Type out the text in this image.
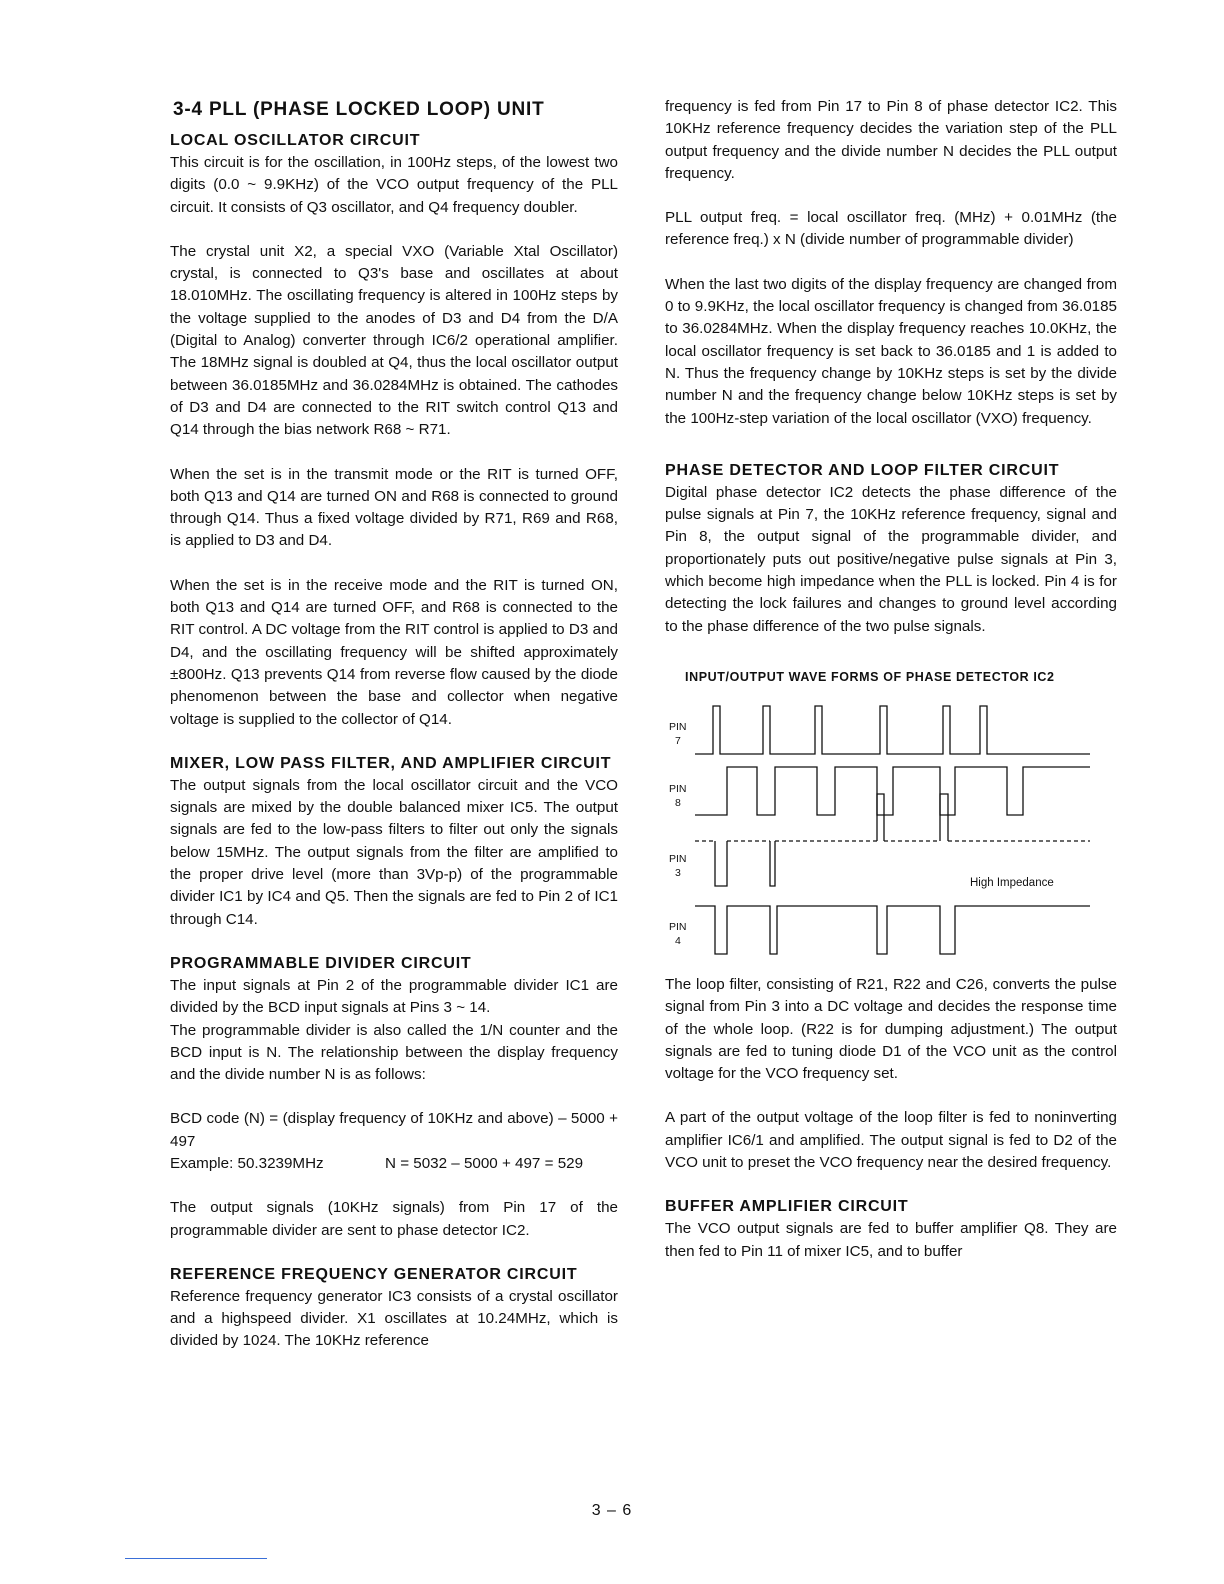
3-4 PLL (PHASE LOCKED LOOP) UNIT
LOCAL OSCILLATOR CIRCUIT

This circuit is for the oscillation, in 100Hz steps, of the lowest two digits (0.0 ~ 9.9KHz) of the VCO output frequency of the PLL circuit. It consists of Q3 oscillator, and Q4 frequency doubler.

The crystal unit X2, a special VXO (Variable Xtal Oscillator) crystal, is connected to Q3's base and oscillates at about 18.010MHz. The oscillating frequency is altered in 100Hz steps by the voltage supplied to the anodes of D3 and D4 from the D/A (Digital to Analog) converter through IC6/2 operational amplifier. The 18MHz signal is doubled at Q4, thus the local oscillator output between 36.0185MHz and 36.0284MHz is obtained. The cathodes of D3 and D4 are connected to the RIT switch control Q13 and Q14 through the bias network R68 ~ R71.

When the set is in the transmit mode or the RIT is turned OFF, both Q13 and Q14 are turned ON and R68 is connected to ground through Q14. Thus a fixed voltage divided by R71, R69 and R68, is applied to D3 and D4.

When the set is in the receive mode and the RIT is turned ON, both Q13 and Q14 are turned OFF, and R68 is connected to the RIT control. A DC voltage from the RIT control is applied to D3 and D4, and the oscillating frequency will be shifted approximately ±800Hz. Q13 prevents Q14 from reverse flow caused by the diode phenomenon between the base and collector when negative voltage is supplied to the collector of Q14.

MIXER, LOW PASS FILTER, AND AMPLIFIER CIRCUIT

The output signals from the local oscillator circuit and the VCO signals are mixed by the double balanced mixer IC5. The output signals are fed to the low-pass filters to filter out only the signals below 15MHz. The output signals from the filter are amplified to the proper drive level (more than 3Vp-p) of the programmable divider IC1 by IC4 and Q5. Then the signals are fed to Pin 2 of IC1 through C14.

PROGRAMMABLE DIVIDER CIRCUIT

The input signals at Pin 2 of the programmable divider IC1 are divided by the BCD input signals at Pins 3 ~ 14.

The programmable divider is also called the 1/N counter and the BCD input is N. The relationship between the display frequency and the divide number N is as follows:

BCD code (N) = (display frequency of 10KHz and above) – 5000 + 497

Example: 50.3239MHz	N = 5032 – 5000 + 497 = 529

The output signals (10KHz signals) from Pin 17 of the programmable divider are sent to phase detector IC2.

REFERENCE FREQUENCY GENERATOR CIRCUIT

Reference frequency generator IC3 consists of a crystal oscillator and a highspeed divider. X1 oscillates at 10.24MHz, which is divided by 1024. The 10KHz reference

frequency is fed from Pin 17 to Pin 8 of phase detector IC2. This 10KHz reference frequency decides the variation step of the PLL output frequency and the divide number N decides the PLL output frequency.

PLL output freq. = local oscillator freq. (MHz) + 0.01MHz (the reference freq.) x N (divide number of programmable divider)

When the last two digits of the display frequency are changed from 0 to 9.9KHz, the local oscillator frequency is changed from 36.0185 to 36.0284MHz. When the display frequency reaches 10.0KHz, the local oscillator frequency is set back to 36.0185 and 1 is added to N. Thus the frequency change by 10KHz steps is set by the divide number N and the frequency change below 10KHz steps is set by the 100Hz-step variation of the local oscillator (VXO) frequency.

PHASE DETECTOR AND LOOP FILTER CIRCUIT

Digital phase detector IC2 detects the phase difference of the pulse signals at Pin 7, the 10KHz reference frequency, signal and Pin 8, the output signal of the programmable divider, and proportionately puts out positive/negative pulse signals at Pin 3, which become high impedance when the PLL is locked. Pin 4 is for detecting the lock failures and changes to ground level according to the phase difference of the two pulse signals.

INPUT/OUTPUT WAVE FORMS OF PHASE DETECTOR IC2
PIN
7
PIN
8
PIN
3
PIN
4
High Impedance

The loop filter, consisting of R21, R22 and C26, converts the pulse signal from Pin 3 into a DC voltage and decides the response time of the whole loop. (R22 is for dumping adjustment.) The output signals are fed to tuning diode D1 of the VCO unit as the control voltage for the VCO frequency set.

A part of the output voltage of the loop filter is fed to noninverting amplifier IC6/1 and amplified. The output signal is fed to D2 of the VCO unit to preset the VCO frequency near the desired frequency.

BUFFER AMPLIFIER CIRCUIT

The VCO output signals are fed to buffer amplifier Q8. They are then fed to Pin 11 of mixer IC5, and to buffer

3 – 6
